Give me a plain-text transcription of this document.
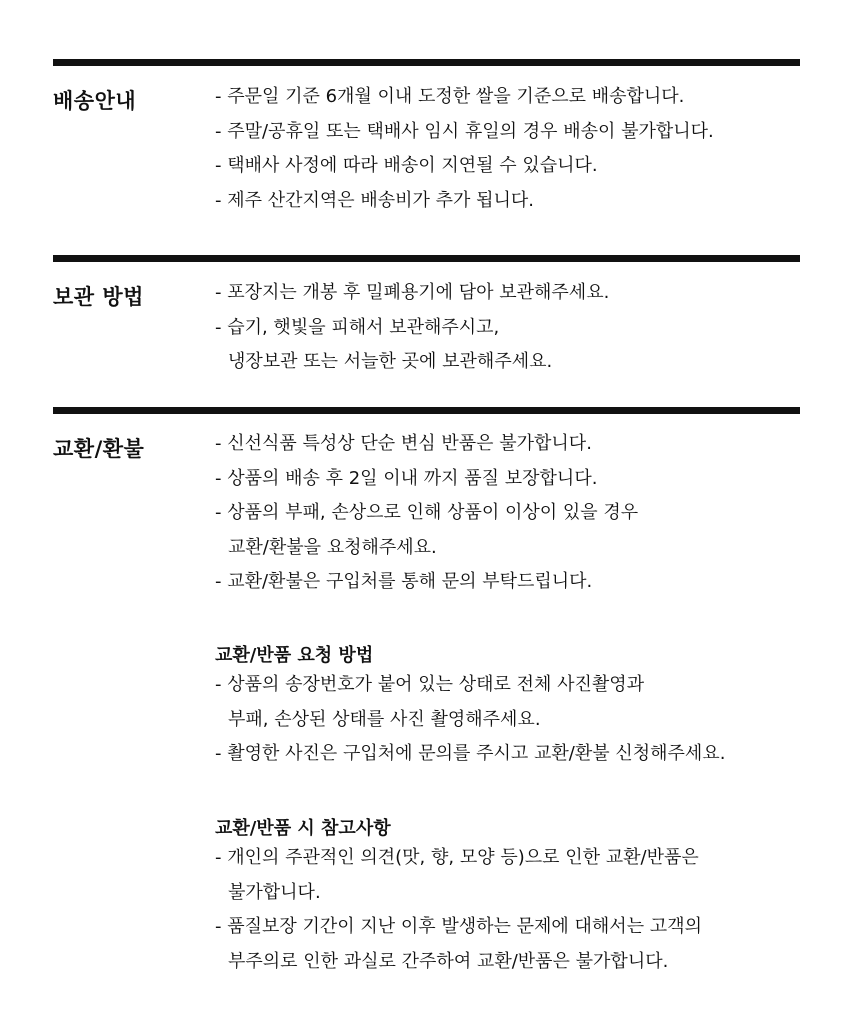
배송안내	- 주문일 기준 6개월 이내 도정한 쌀을 기준으로 배송합니다.
- 주말/공휴일 또는 택배사 임시 휴일의 경우 배송이 불가합니다.
- 택배사 사정에 따라 배송이 지연될 수 있습니다.
- 제주 산간지역은 배송비가 추가 됩니다.
보관 방법	- 포장지는 개봉 후 밀폐용기에 담아 보관해주세요.
- 습기, 햇빛을 피해서 보관해주시고,
냉장보관 또는 서늘한 곳에 보관해주세요.
교환/환불	- 신선식품 특성상 단순 변심 반품은 불가합니다.
- 상품의 배송 후 2일 이내 까지 품질 보장합니다.
- 상품의 부패, 손상으로 인해 상품이 이상이 있을 경우
교환/환불을 요청해주세요.
- 교환/환불은 구입처를 통해 문의 부탁드립니다.
교환/반품 요청 방법
- 상품의 송장번호가 붙어 있는 상태로 전체 사진촬영과
부패, 손상된 상태를 사진 촬영해주세요.
- 촬영한 사진은 구입처에 문의를 주시고 교환/환불 신청해주세요.
교환/반품 시 참고사항
- 개인의 주관적인 의견(맛, 향, 모양 등)으로 인한 교환/반품은
불가합니다.
- 품질보장 기간이 지난 이후 발생하는 문제에 대해서는 고객의
부주의로 인한 과실로 간주하여 교환/반품은 불가합니다.
